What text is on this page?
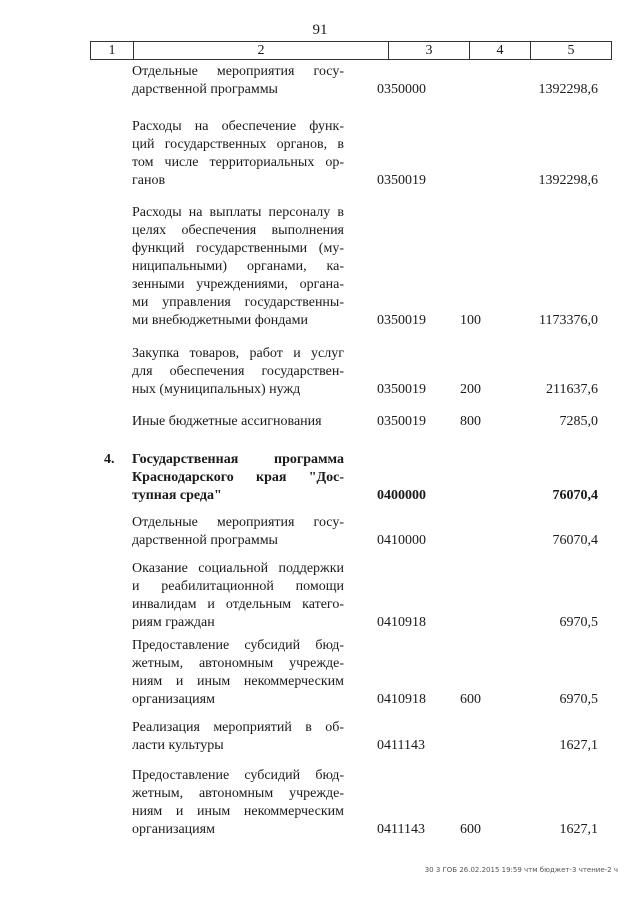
91
1	2	3	4	5
Отдельные мероприятия госу-
дарственной программы	0350000	1392298,6
Расходы на обеспечение функ-
ций государственных органов, в
том числе территориальных ор-
ганов	0350019	1392298,6
Расходы на выплаты персоналу в
целях обеспечения выполнения
функций государственными (му-
ниципальными) органами, ка-
зенными учреждениями, органа-
ми управления государственны-
ми внебюджетными фондами	0350019 100	1173376,0
Закупка товаров, работ и услуг
для обеспечения государствен-
ных (муниципальных) нужд	0350019 200	211637,6
Иные бюджетные ассигнования	0350019 800	7285,0
4. Государственная программа
Краснодарского края "Дос-
тупная среда"	0400000	76070,4
Отдельные мероприятия госу-
дарственной программы	0410000	76070,4
Оказание социальной поддержки
и реабилитационной помощи
инвалидам и отдельным катего-
риям граждан	0410918	6970,5
Предоставление субсидий бюд-
жетным, автономным учрежде-
ниям и иным некоммерческим
организациям	0410918 600	6970,5
Реализация мероприятий в об-
ласти культуры	0411143	1627,1
Предоставление субсидий бюд-
жетным, автономным учрежде-
ниям и иным некоммерческим
организациям	0411143	600	1627,1
30 3 ГОБ 26.02.2015 19:59 чтм бюджет-3 чтение-2 ч
